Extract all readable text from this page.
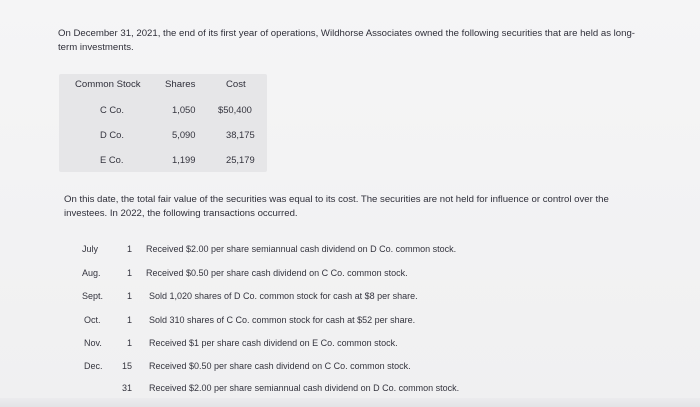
On December 31, 2021, the end of its first year of operations, Wildhorse Associates owned the following securities that are held as long-term investments.
Common Stock	Shares	Cost
C Co.	1,050 $50,400
D Co.	5,090	38,175
E Co.	1,199	25,179
On this date, the total fair value of the securities was equal to its cost. The securities are not held for influence or control over the investees. In 2022, the following transactions occurred.
July	1 Received $2.00 per share semiannual cash dividend on D Co. common stock.
Aug.	1 Received $0.50 per share cash dividend on C Co. common stock.
Sept.	1 Sold 1,020 shares of D Co. common stock for cash at $8 per share.
Oct.	1 Sold 310 shares of C Co. common stock for cash at $52 per share.
Nov.	1 Received $1 per share cash dividend on E Co. common stock.
Dec.	15 Received $0.50 per share cash dividend on C Co. common stock.
31 Received $2.00 per share semiannual cash dividend on D Co. common stock.
